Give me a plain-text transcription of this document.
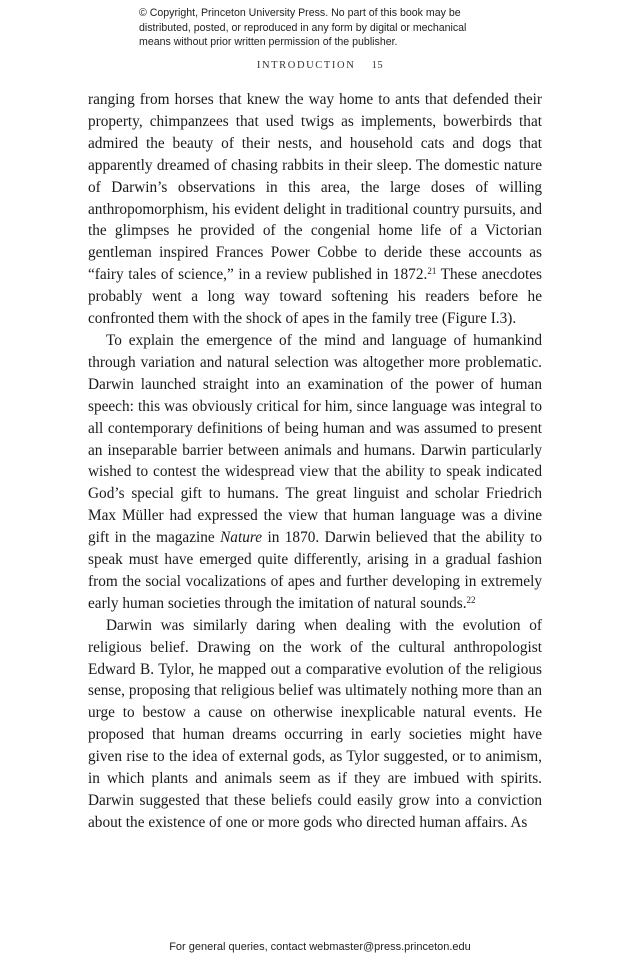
© Copyright, Princeton University Press. No part of this book may be
distributed, posted, or reproduced in any form by digital or mechanical
means without prior written permission of the publisher.
INTRODUCTION 15

ranging from horses that knew the way home to ants that defended their property, chimpanzees that used twigs as implements, bowerbirds that admired the beauty of their nests, and household cats and dogs that apparently dreamed of chasing rabbits in their sleep. The domestic nature of Darwin’s observations in this area, the large doses of willing anthropomorphism, his evident delight in traditional country pursuits, and the glimpses he provided of the congenial home life of a Victorian gentleman inspired Frances Power Cobbe to deride these accounts as “fairy tales of science,” in a review published in 1872.21 These anecdotes probably went a long way toward softening his readers before he confronted them with the shock of apes in the family tree (Figure I.3).

To explain the emergence of the mind and language of humankind through variation and natural selection was altogether more problematic. Darwin launched straight into an examination of the power of human speech: this was obviously critical for him, since language was integral to all contemporary definitions of being human and was assumed to present an inseparable barrier between animals and humans. Darwin particularly wished to contest the widespread view that the ability to speak indicated God’s special gift to humans. The great linguist and scholar Friedrich Max Müller had expressed the view that human language was a divine gift in the magazine Nature in 1870. Darwin believed that the ability to speak must have emerged quite differently, arising in a gradual fashion from the social vocalizations of apes and further developing in extremely early human societies through the imitation of natural sounds.$^{22}$

Darwin was similarly daring when dealing with the evolution of religious belief. Drawing on the work of the cultural anthropologist Edward B. Tylor, he mapped out a comparative evolution of the religious sense, proposing that religious belief was ultimately nothing more than an urge to bestow a cause on otherwise inexplicable natural events. He proposed that human dreams occurring in early societies might have given rise to the idea of external gods, as Tylor suggested, or to animism, in which plants and animals seem as if they are imbued with spirits. Darwin suggested that these beliefs could easily grow into a conviction about the existence of one or more gods who directed human affairs. As

For general queries, contact webmaster@press.princeton.edu
